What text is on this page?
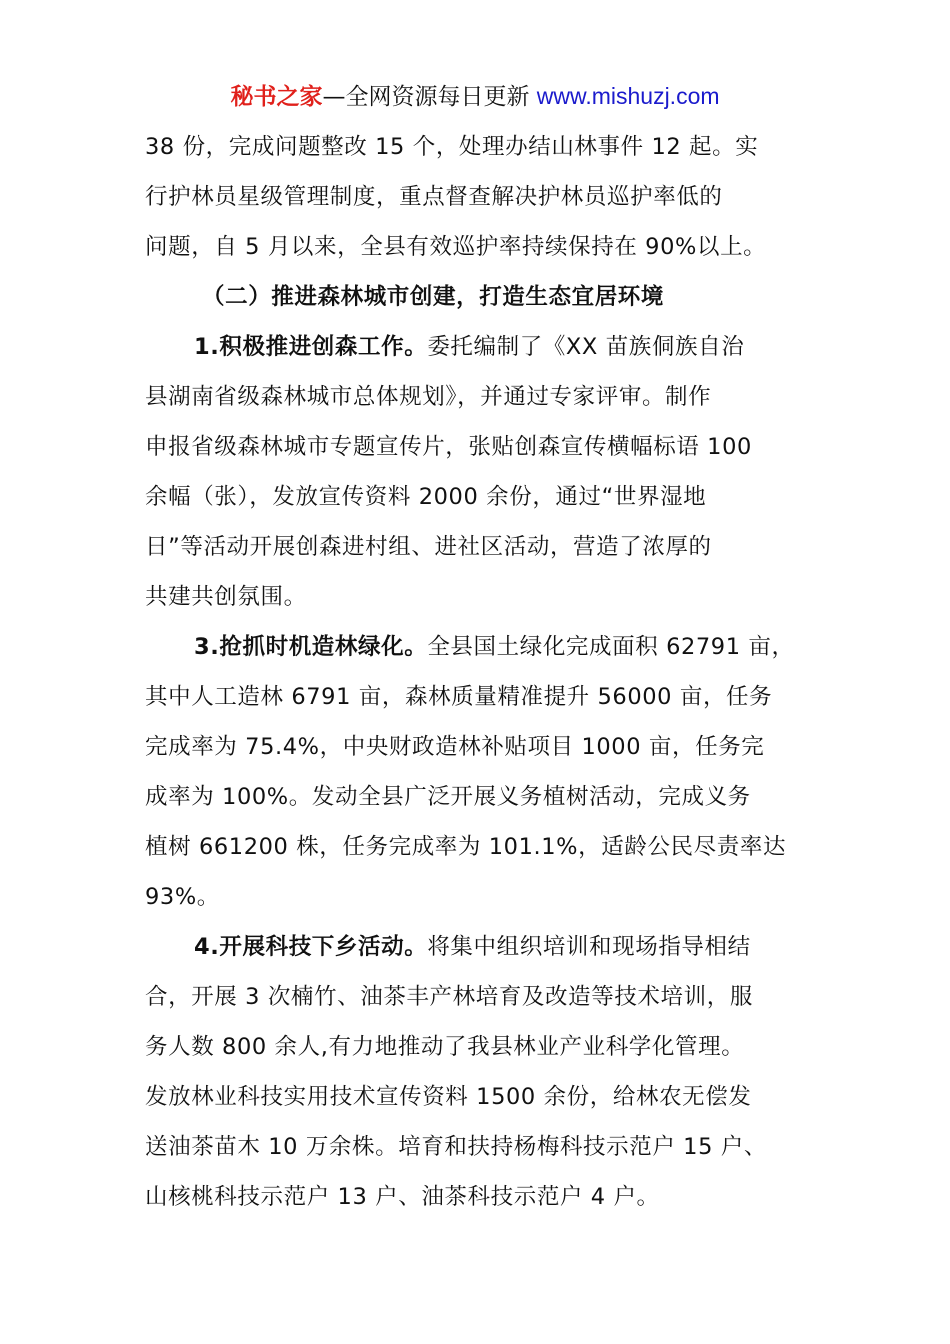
秘书之家—全网资源每日更新 www.mishuzj.com
38 份，完成问题整改 15 个，处理办结山林事件 12 起。实
行护林员星级管理制度，重点督查解决护林员巡护率低的
问题，自 5 月以来，全县有效巡护率持续保持在 90%以上。
（二）推进森林城市创建，打造生态宜居环境
1.积极推进创森工作。委托编制了《XX 苗族侗族自治
县湖南省级森林城市总体规划》，并通过专家评审。制作
申报省级森林城市专题宣传片，张贴创森宣传横幅标语 100
余幅（张），发放宣传资料 2000 余份，通过“世界湿地
日”等活动开展创森进村组、进社区活动，营造了浓厚的
共建共创氛围。
3.抢抓时机造林绿化。全县国土绿化完成面积 62791 亩，
其中人工造林 6791 亩，森林质量精准提升 56000 亩，任务
完成率为 75.4%，中央财政造林补贴项目 1000 亩，任务完
成率为 100%。发动全县广泛开展义务植树活动，完成义务
植树 661200 株，任务完成率为 101.1%，适龄公民尽责率达
93%。
4.开展科技下乡活动。将集中组织培训和现场指导相结
合，开展 3 次楠竹、油茶丰产林培育及改造等技术培训，服
务人数 800 余人,有力地推动了我县林业产业科学化管理。
发放林业科技实用技术宣传资料 1500 余份，给林农无偿发
送油茶苗木 10 万余株。培育和扶持杨梅科技示范户 15 户、
山核桃科技示范户 13 户、油茶科技示范户 4 户。
